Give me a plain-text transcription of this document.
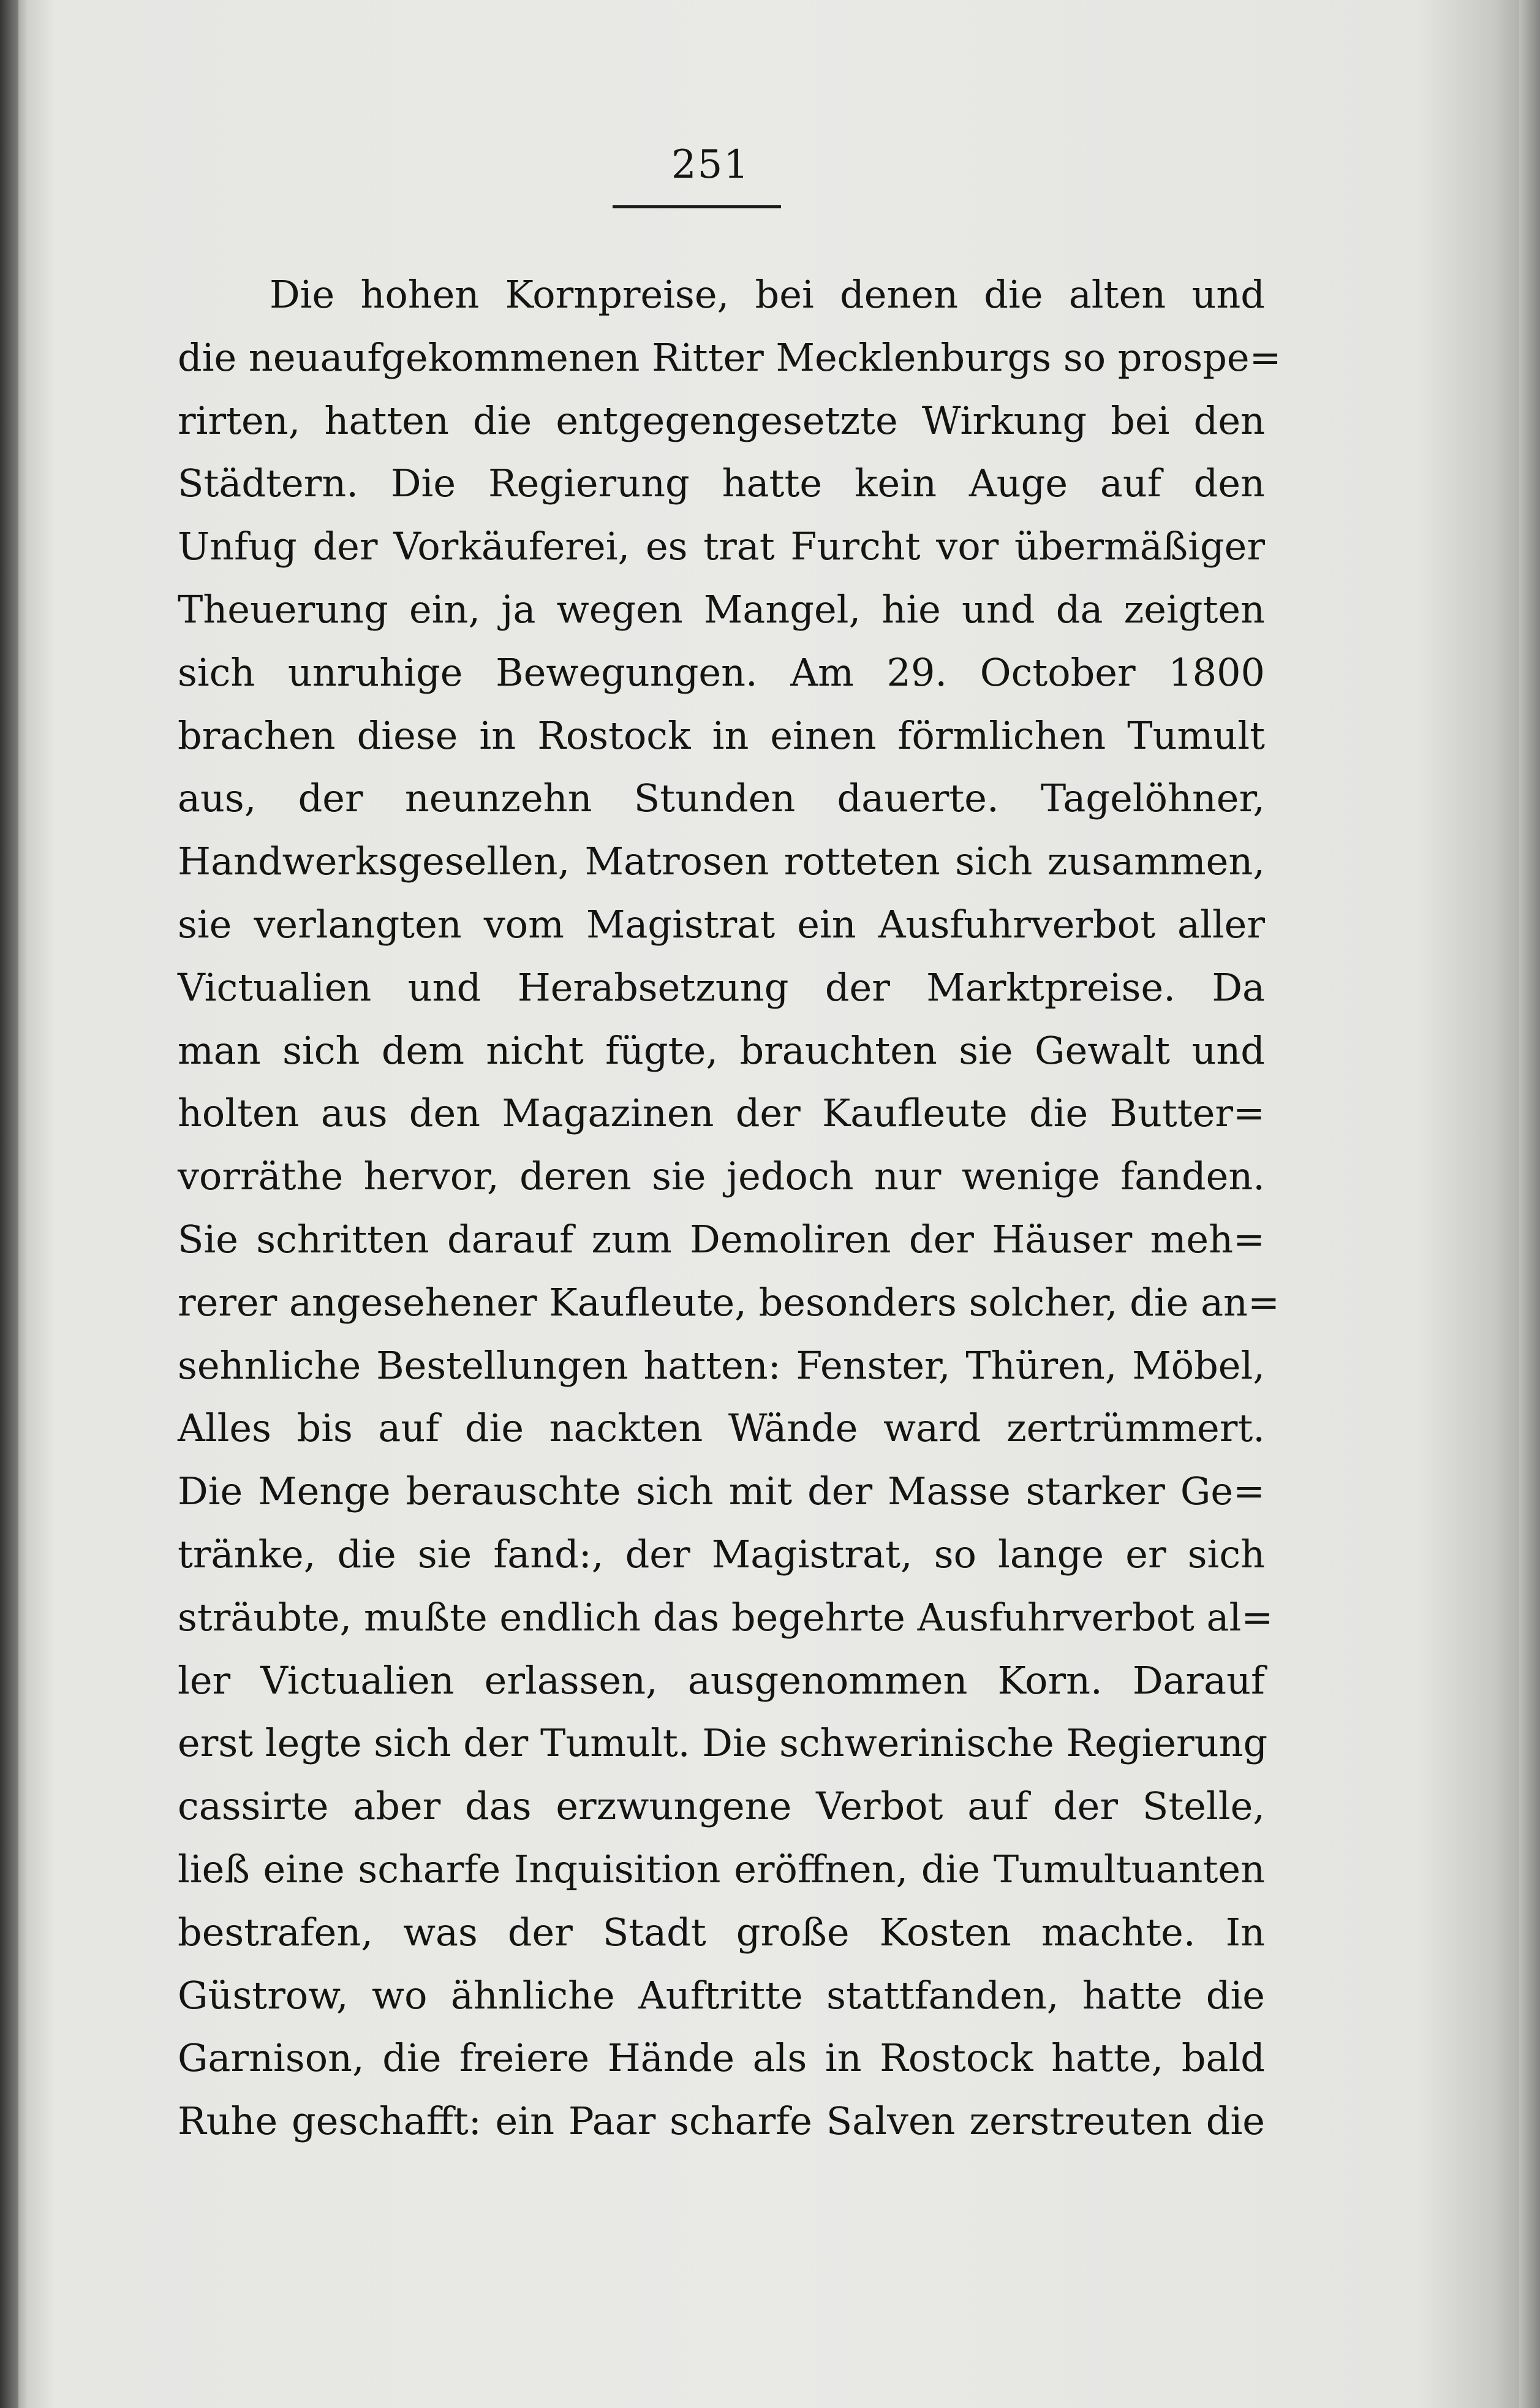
251
Die hohen Kornpreise, bei denen die alten und
die neuaufgekommenen Ritter Mecklenburgs so prospe=
rirten, hatten die entgegengesetzte Wirkung bei den
Städtern. Die Regierung hatte kein Auge auf den
Unfug der Vorkäuferei, es trat Furcht vor übermäßiger
Theuerung ein, ja wegen Mangel, hie und da zeigten
sich unruhige Bewegungen. Am 29. October 1800
brachen diese in Rostock in einen förmlichen Tumult
aus, der neunzehn Stunden dauerte. Tagelöhner,
Handwerksgesellen, Matrosen rotteten sich zusammen,
sie verlangten vom Magistrat ein Ausfuhrverbot aller
Victualien und Herabsetzung der Marktpreise. Da
man sich dem nicht fügte, brauchten sie Gewalt und
holten aus den Magazinen der Kaufleute die Butter=
vorräthe hervor, deren sie jedoch nur wenige fanden.
Sie schritten darauf zum Demoliren der Häuser meh=
rerer angesehener Kaufleute, besonders solcher, die an=
sehnliche Bestellungen hatten: Fenster, Thüren, Möbel,
Alles bis auf die nackten Wände ward zertrümmert.
Die Menge berauschte sich mit der Masse starker Ge=
tränke, die sie fand:, der Magistrat, so lange er sich
sträubte, mußte endlich das begehrte Ausfuhrverbot al=
ler Victualien erlassen, ausgenommen Korn. Darauf
erst legte sich der Tumult. Die schwerinische Regierung
cassirte aber das erzwungene Verbot auf der Stelle,
ließ eine scharfe Inquisition eröffnen, die Tumultuanten
bestrafen, was der Stadt große Kosten machte. In
Güstrow, wo ähnliche Auftritte stattfanden, hatte die
Garnison, die freiere Hände als in Rostock hatte, bald
Ruhe geschafft: ein Paar scharfe Salven zerstreuten die
